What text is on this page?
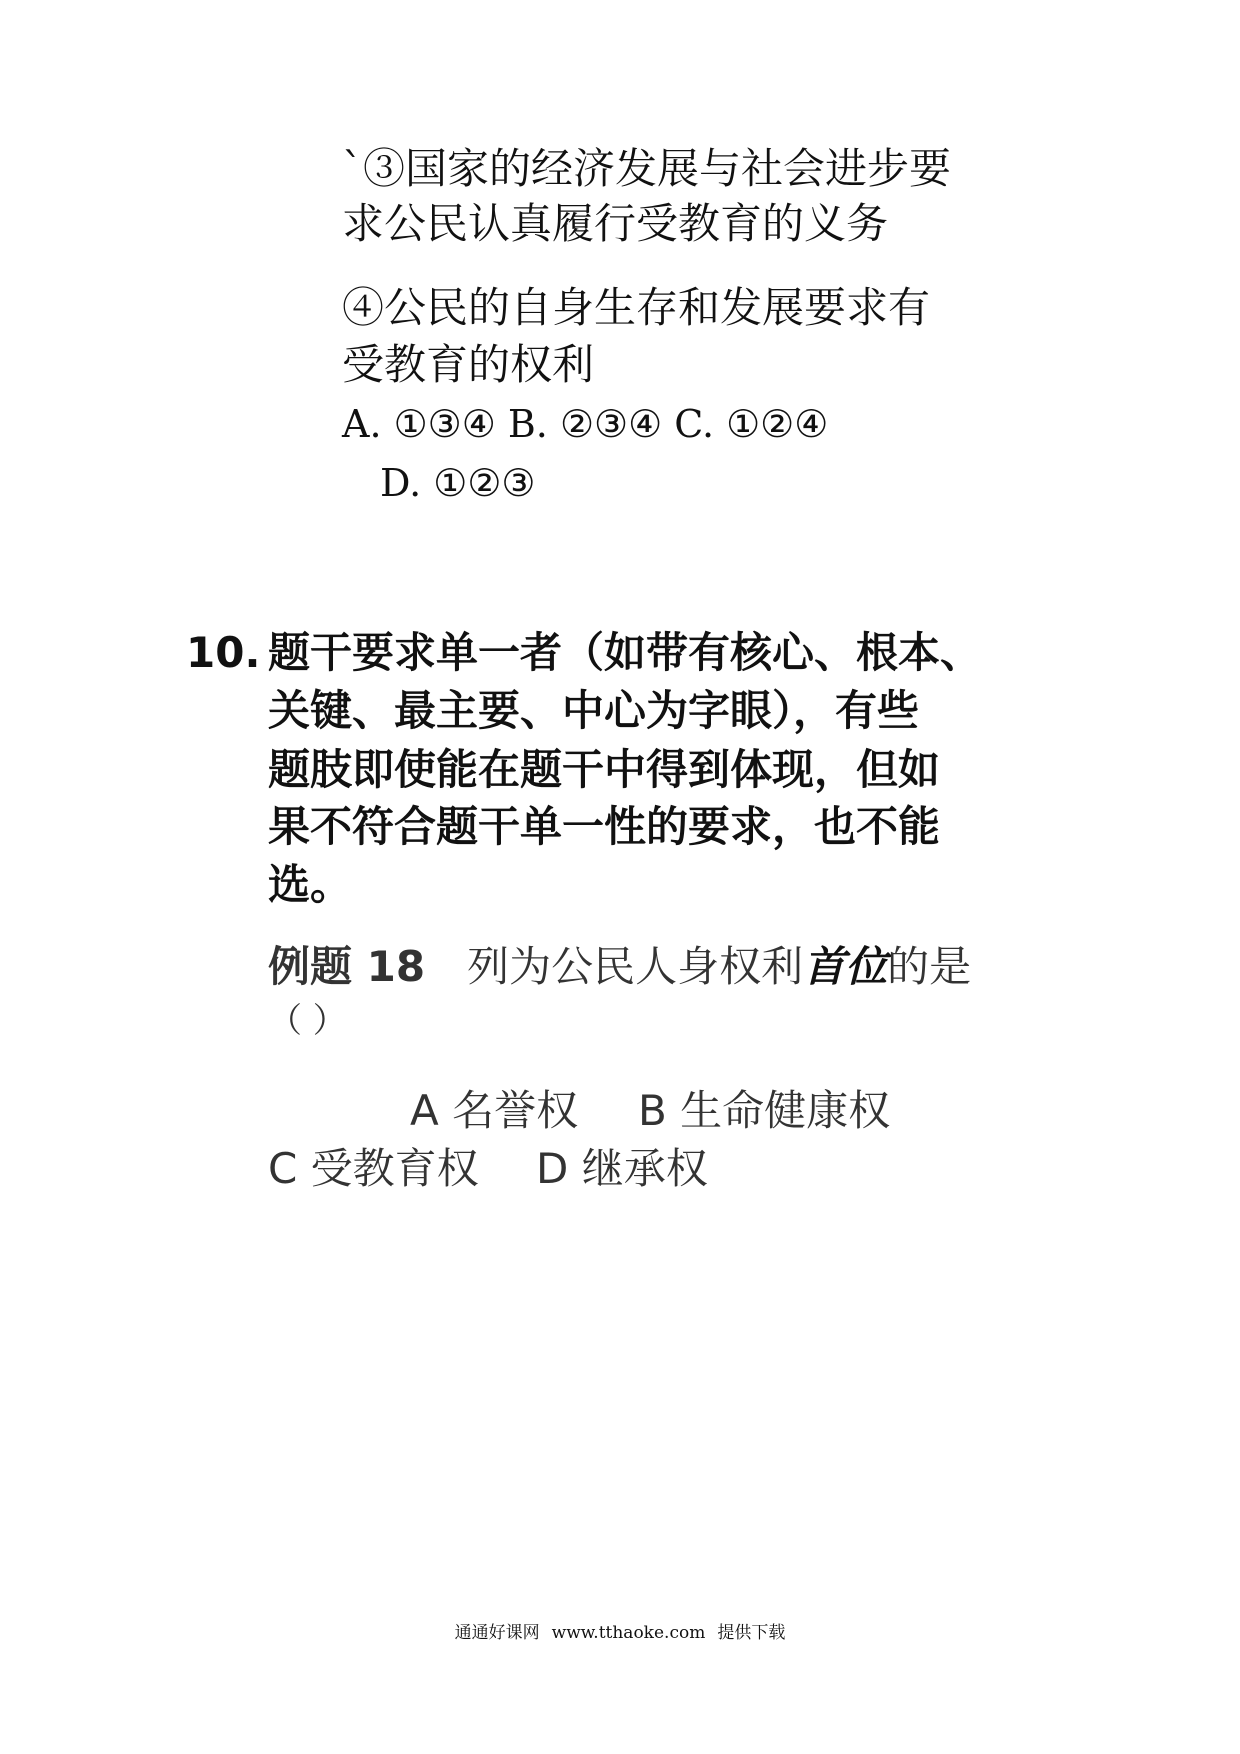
`③国家的经济发展与社会进步要
求公民认真履行受教育的义务
④公民的自身生存和发展要求有
受教育的权利
A. ①③④ B. ②③④ C. ①②④
D. ①②③
10. 题干要求单一者（如带有核心、根本、
关键、最主要、中心为字眼），有些
题肢即使能在题干中得到体现，但如
果不符合题干单一性的要求，也不能
选。
例题 18 列为公民人身权利首位的是
（ ）
A 名誉权 B 生命健康权
C 受教育权 D 继承权
通通好课网 www.tthaoke.com 提供下载
